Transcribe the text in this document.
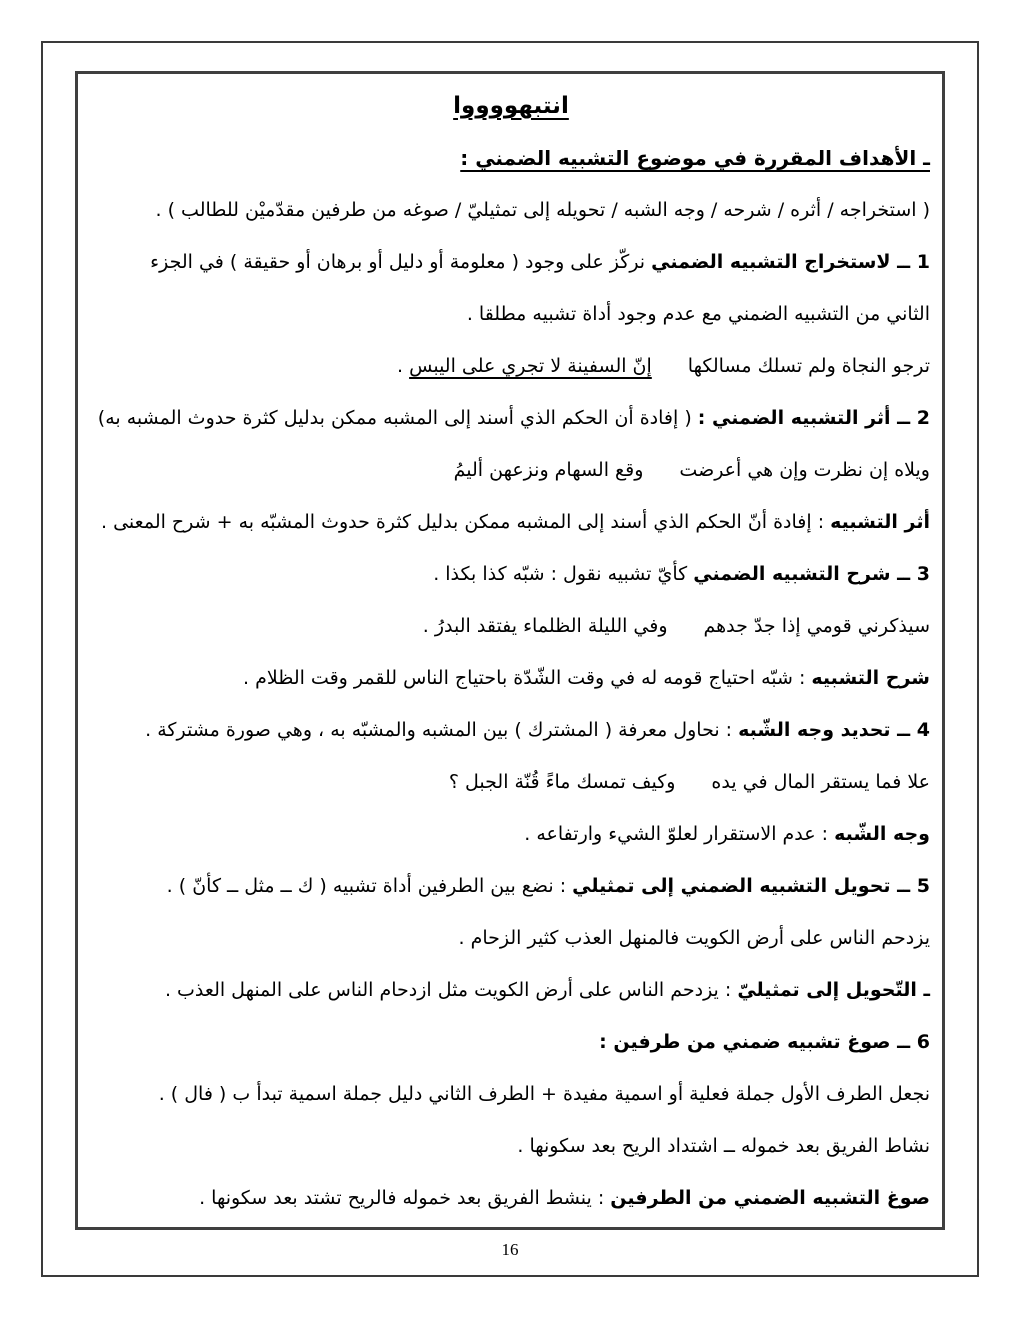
انتبهووووا
ـ الأهداف المقررة في موضوع التشبيه الضمني :
( استخراجه / أثره / شرحه / وجه الشبه / تحويله إلى تمثيليّ / صوغه من طرفين مقدّميْن للطالب ) .
1 ــ لاستخراج التشبيه الضمني نركّز على وجود ( معلومة أو دليل أو برهان أو حقيقة ) في الجزء
الثاني من التشبيه الضمني مع عدم وجود أداة تشبيه مطلقا .
ترجو النجاة ولم تسلك مسالكهاإنّ السفينة لا تجري على اليبس .
2 ــ أثر التشبيه الضمني : ( إفادة أن الحكم الذي أسند إلى المشبه ممكن بدليل كثرة حدوث المشبه به)
ويلاه إن نظرت وإن هي أعرضتوقع السهام ونزعهن أليمُ
أثر التشبيه : إفادة أنّ الحكم الذي أسند إلى المشبه ممكن بدليل كثرة حدوث المشبّه به + شرح المعنى .
3 ــ شرح التشبيه الضمني كأيّ تشبيه نقول : شبّه كذا بكذا .
سيذكرني قومي إذا جدّ جدهموفي الليلة الظلماء يفتقد البدرُ .
شرح التشبيه : شبّه احتياج قومه له في وقت الشّدّة باحتياج الناس للقمر وقت الظلام .
4 ــ تحديد وجه الشّبه : نحاول معرفة ( المشترك ) بين المشبه والمشبّه به ، وهي صورة مشتركة .
علا فما يستقر المال في يدهوكيف تمسك ماءً قُنّة الجبل ؟
وجه الشّبه : عدم الاستقرار لعلوّ الشيء وارتفاعه .
5 ــ تحويل التشبيه الضمني إلى تمثيلي : نضع بين الطرفين أداة تشبيه ( ك ــ مثل ــ كأنّ ) .
يزدحم الناس على أرض الكويت فالمنهل العذب كثير الزحام .
ـ التّحويل إلى تمثيليّ : يزدحم الناس على أرض الكويت مثل ازدحام الناس على المنهل العذب .
6 ــ صوغ تشبيه ضمني من طرفين :
نجعل الطرف الأول جملة فعلية أو اسمية مفيدة + الطرف الثاني دليل جملة اسمية تبدأ ب ( فال ) .
نشاط الفريق بعد خموله ــ اشتداد الريح بعد سكونها .
صوغ التشبيه الضمني من الطرفين : ينشط الفريق بعد خموله فالريح تشتد بعد سكونها .
16
